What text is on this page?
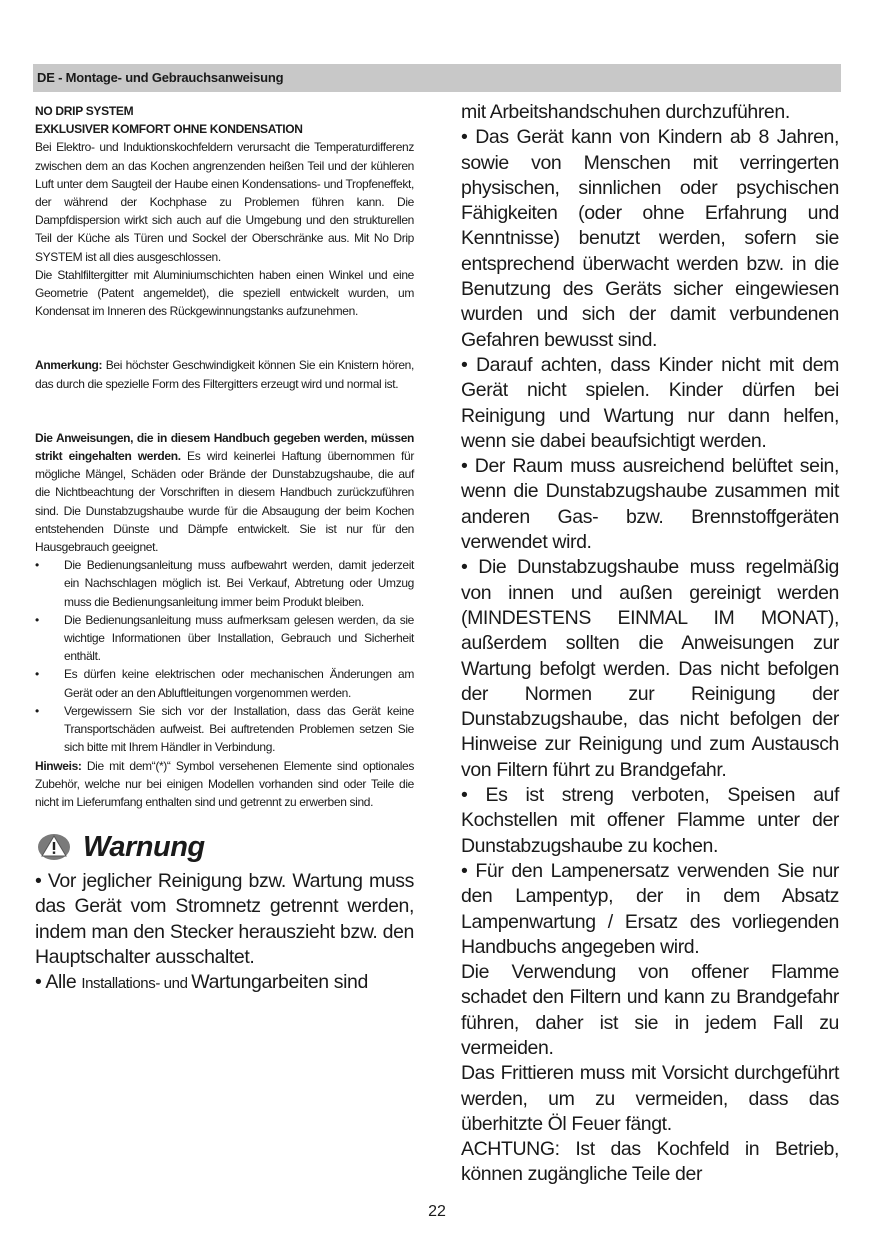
DE - Montage- und Gebrauchsanweisung

NO DRIP SYSTEM

EXKLUSIVER KOMFORT OHNE KONDENSATION

Bei Elektro- und Induktionskochfeldern verursacht die Temperaturdifferenz zwischen dem an das Kochen angrenzenden heißen Teil und der kühleren Luft unter dem Saugteil der Haube einen Kondensations- und Tropfeneffekt, der während der Kochphase zu Problemen führen kann. Die Dampfdispersion wirkt sich auch auf die Umgebung und den strukturellen Teil der Küche als Türen und Sockel der Oberschränke aus. Mit No Drip SYSTEM ist all dies ausgeschlossen.

Die Stahlfiltergitter mit Aluminiumschichten haben einen Winkel und eine Geometrie (Patent angemeldet), die speziell entwickelt wurden, um Kondensat im Inneren des Rückgewinnungstanks aufzunehmen.

Anmerkung: Bei höchster Geschwindigkeit können Sie ein Knistern hören, das durch die spezielle Form des Filtergitters erzeugt wird und normal ist.

Die Anweisungen, die in diesem Handbuch gegeben werden, müssen strikt eingehalten werden. Es wird keinerlei Haftung übernommen für mögliche Mängel, Schäden oder Brände der Dunstabzugshaube, die auf die Nichtbeachtung der Vorschriften in diesem Handbuch zurückzuführen sind. Die Dunstabzugshaube wurde für die Absaugung der beim Kochen entstehenden Dünste und Dämpfe entwickelt. Sie ist nur für den Hausgebrauch geeignet.

• Die Bedienungsanleitung muss aufbewahrt werden, damit jederzeit ein Nachschlagen möglich ist. Bei Verkauf, Abtretung oder Umzug muss die Bedienungsanleitung immer beim Produkt bleiben.
• Die Bedienungsanleitung muss aufmerksam gelesen werden, da sie wichtige Informationen über Installation, Gebrauch und Sicherheit enthält.
• Es dürfen keine elektrischen oder mechanischen Änderungen am Gerät oder an den Abluftleitungen vorgenommen werden.
• Vergewissern Sie sich vor der Installation, dass das Gerät keine Transportschäden aufweist. Bei auftretenden Problemen setzen Sie sich bitte mit Ihrem Händler in Verbindung.

Hinweis: Die mit dem“(*)“ Symbol versehenen Elemente sind optionales Zubehör, welche nur bei einigen Modellen vorhanden sind oder Teile die nicht im Lieferumfang enthalten sind und getrennt zu erwerben sind.

Warnung

• Vor jeglicher Reinigung bzw. Wartung muss das Gerät vom Stromnetz getrennt werden, indem man den Stecker herauszieht bzw. den Hauptschalter ausschaltet.

• Alle Installations- und Wartungarbeiten sind

mit Arbeitshandschuhen durchzuführen.

• Das Gerät kann von Kindern ab 8 Jahren, sowie von Menschen mit verringerten physischen, sinnlichen oder psychischen Fähigkeiten (oder ohne Erfahrung und Kenntnisse) benutzt werden, sofern sie entsprechend überwacht werden bzw. in die Benutzung des Geräts sicher eingewiesen wurden und sich der damit verbundenen Gefahren bewusst sind.

• Darauf achten, dass Kinder nicht mit dem Gerät nicht spielen. Kinder dürfen bei Reinigung und Wartung nur dann helfen, wenn sie dabei beaufsichtigt werden.

• Der Raum muss ausreichend belüftet sein, wenn die Dunstabzugshaube zusammen mit anderen Gas- bzw. Brennstoffgeräten verwendet wird.

• Die Dunstabzugshaube muss regelmäßig von innen und außen gereinigt werden (MINDESTENS EINMAL IM MONAT), außerdem sollten die Anweisungen zur Wartung befolgt werden. Das nicht befolgen der Normen zur Reinigung der Dunstabzugshaube, das nicht befolgen der Hinweise zur Reinigung und zum Austausch von Filtern führt zu Brandgefahr.

• Es ist streng verboten, Speisen auf Kochstellen mit offener Flamme unter der Dunstabzugshaube zu kochen.

• Für den Lampenersatz verwenden Sie nur den Lampentyp, der in dem Absatz Lampenwartung / Ersatz des vorliegenden Handbuchs angegeben wird.

Die Verwendung von offener Flamme schadet den Filtern und kann zu Brandgefahr führen, daher ist sie in jedem Fall zu vermeiden.

Das Frittieren muss mit Vorsicht durchgeführt werden, um zu vermeiden, dass das überhitzte Öl Feuer fängt.

ACHTUNG: Ist das Kochfeld in Betrieb, können zugängliche Teile der

22
